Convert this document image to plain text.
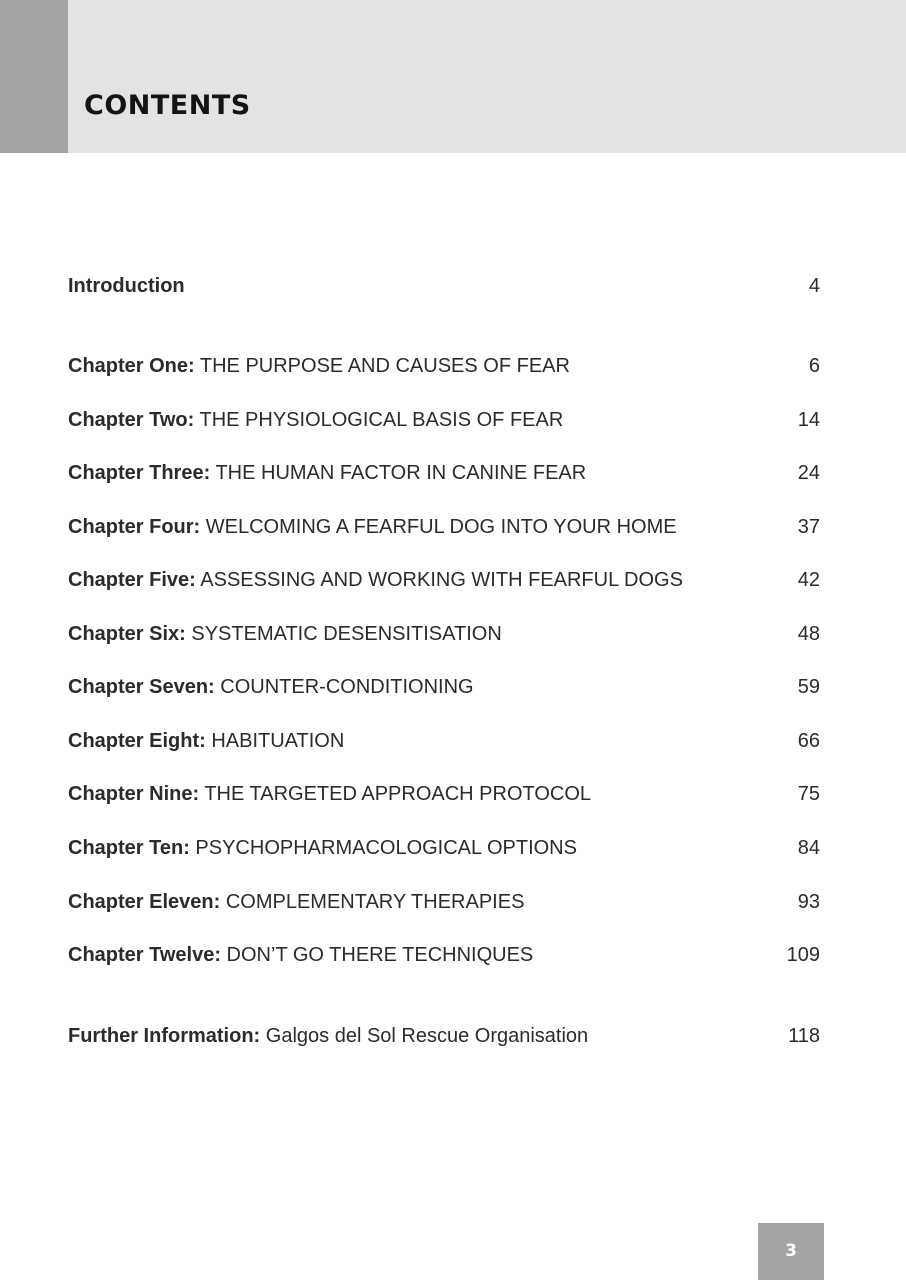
CONTENTS
Introduction	4
Chapter One: THE PURPOSE AND CAUSES OF FEAR	6
Chapter Two: THE PHYSIOLOGICAL BASIS OF FEAR	14
Chapter Three: THE HUMAN FACTOR IN CANINE FEAR	24
Chapter Four: WELCOMING A FEARFUL DOG INTO YOUR HOME	37
Chapter Five: ASSESSING AND WORKING WITH FEARFUL DOGS	42
Chapter Six: SYSTEMATIC DESENSITISATION	48
Chapter Seven: COUNTER-CONDITIONING	59
Chapter Eight: HABITUATION	66
Chapter Nine: THE TARGETED APPROACH PROTOCOL	75
Chapter Ten: PSYCHOPHARMACOLOGICAL OPTIONS	84
Chapter Eleven: COMPLEMENTARY THERAPIES	93
Chapter Twelve: DON’T GO THERE TECHNIQUES	109
Further Information: Galgos del Sol Rescue Organisation	118
3
